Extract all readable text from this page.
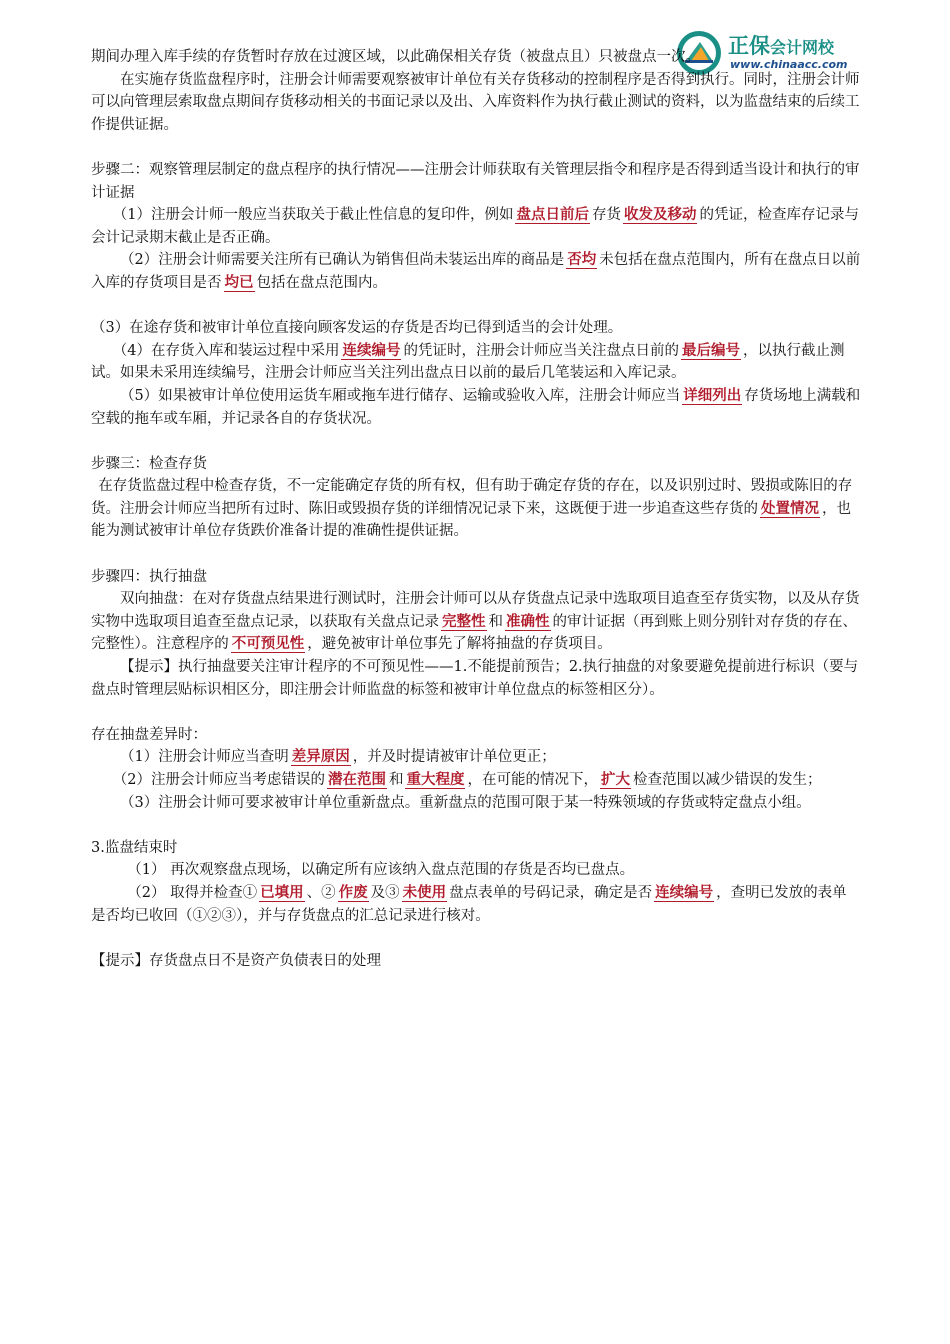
正保会计网校
www.chinaacc.com

期间办理入库手续的存货暂时存放在过渡区域，以此确保相关存货（被盘点且）只被盘点一次。

在实施存货监盘程序时，注册会计师需要观察被审计单位有关存货移动的控制程序是否得到执行。同时，注册会计师可以向管理层索取盘点期间存货移动相关的书面记录以及出、入库资料作为执行截止测试的资料，以为监盘结束的后续工作提供证据。

步骤二：观察管理层制定的盘点程序的执行情况——注册会计师获取有关管理层指令和程序是否得到适当设计和执行的审计证据

（1）注册会计师一般应当获取关于截止性信息的复印件，例如 盘点日前后 存货 收发及移动 的凭证，检查库存记录与会计记录期末截止是否正确。

（2）注册会计师需要关注所有已确认为销售但尚未装运出库的商品是 否均 未包括在盘点范围内，所有在盘点日以前入库的存货项目是否 均已 包括在盘点范围内。

（3）在途存货和被审计单位直接向顾客发运的存货是否均已得到适当的会计处理。

（4）在存货入库和装运过程中采用 连续编号 的凭证时，注册会计师应当关注盘点日前的 最后编号 ，以执行截止测试。如果未采用连续编号，注册会计师应当关注列出盘点日以前的最后几笔装运和入库记录。

（5）如果被审计单位使用运货车厢或拖车进行储存、运输或验收入库，注册会计师应当 详细列出 存货场地上满载和空载的拖车或车厢，并记录各自的存货状况。

步骤三：检查存货

在存货监盘过程中检查存货，不一定能确定存货的所有权，但有助于确定存货的存在，以及识别过时、毁损或陈旧的存货。注册会计师应当把所有过时、陈旧或毁损存货的详细情况记录下来，这既便于进一步追查这些存货的 处置情况 ，也能为测试被审计单位存货跌价准备计提的准确性提供证据。

步骤四：执行抽盘

双向抽盘：在对存货盘点结果进行测试时，注册会计师可以从存货盘点记录中选取项目追查至存货实物，以及从存货实物中选取项目追查至盘点记录，以获取有关盘点记录 完整性 和 准确性 的审计证据（再到账上则分别针对存货的存在、完整性）。注意程序的 不可预见性 ，避免被审计单位事先了解将抽盘的存货项目。

【提示】执行抽盘要关注审计程序的不可预见性——1.不能提前预告；2.执行抽盘的对象要避免提前进行标识（要与盘点时管理层贴标识相区分，即注册会计师监盘的标签和被审计单位盘点的标签相区分）。

存在抽盘差异时：

（1）注册会计师应当查明 差异原因 ，并及时提请被审计单位更正；

（2）注册会计师应当考虑错误的 潜在范围 和 重大程度 ，在可能的情况下， 扩大 检查范围以减少错误的发生；

（3）注册会计师可要求被审计单位重新盘点。重新盘点的范围可限于某一特殊领域的存货或特定盘点小组。

3.监盘结束时

（1） 再次观察盘点现场，以确定所有应该纳入盘点范围的存货是否均已盘点。

（2） 取得并检查① 已填用 、② 作废 及③ 未使用 盘点表单的号码记录，确定是否 连续编号 ，查明已发放的表单是否均已收回（①②③），并与存货盘点的汇总记录进行核对。

【提示】存货盘点日不是资产负债表日的处理
